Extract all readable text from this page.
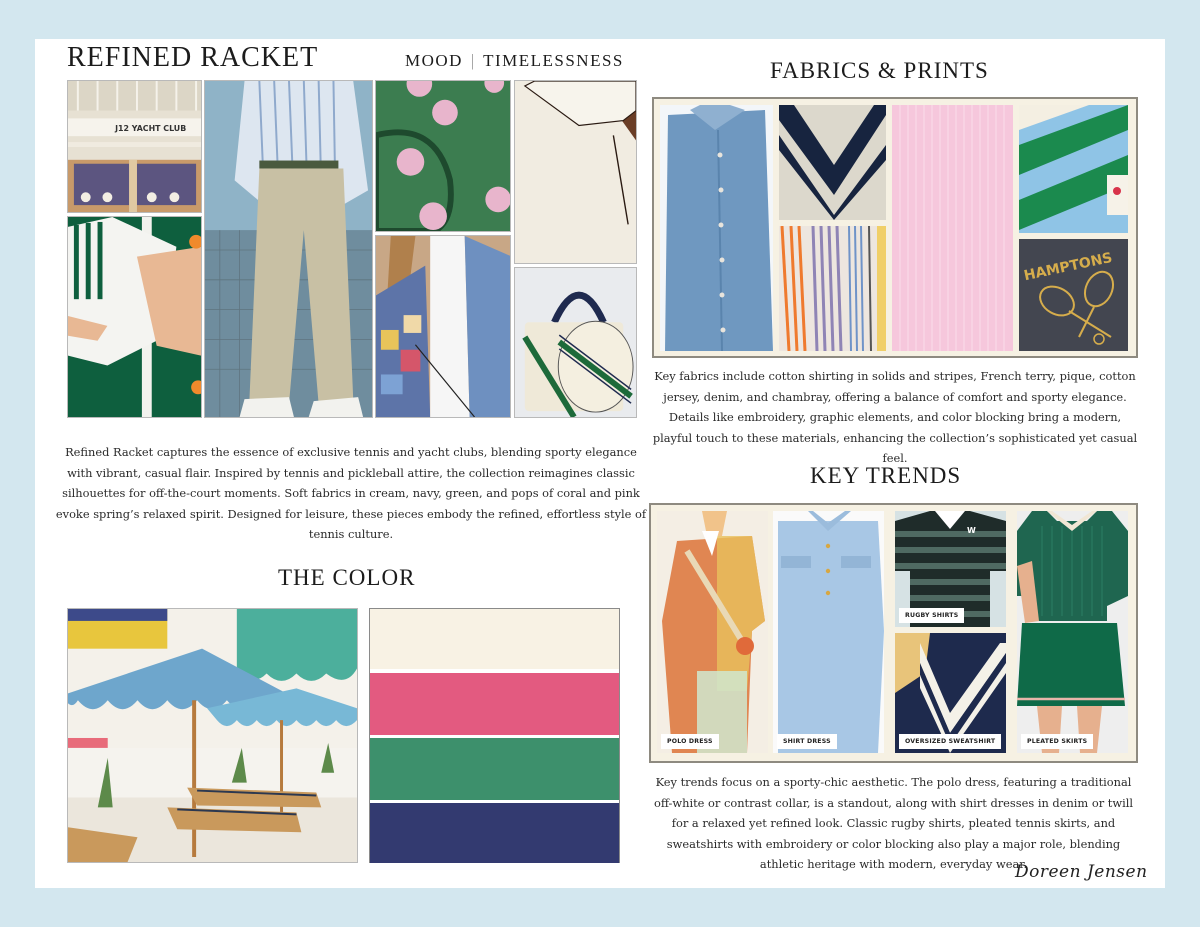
REFINED RACKET	MOOD | TIMELESSNESS
J12 YACHT CLUB
Refined Racket captures the essence of exclusive tennis and yacht clubs, blending sporty elegance with vibrant, casual flair. Inspired by tennis and pickleball attire, the collection reimagines classic silhouettes for off-the-court moments. Soft fabrics in cream, navy, green, and pops of coral and pink evoke spring’s relaxed spirit. Designed for leisure, these pieces embody the refined, effortless style of tennis culture.
THE COLOR
FABRICS & PRINTS
HAMPTONS
Key fabrics include cotton shirting in solids and stripes, French terry, pique, cotton jersey, denim, and chambray, offering a balance of comfort and sporty elegance. Details like embroidery, graphic elements, and color blocking bring a modern, playful touch to these materials, enhancing the collection’s sophisticated yet casual feel.
KEY TRENDS
POLO DRESS	SHIRT DRESS
W
RUGBY SHIRTS
OVERSIZED SWEATSHIRT	PLEATED SKIRTS
Key trends focus on a sporty-chic aesthetic. The polo dress, featuring a traditional off-white or contrast collar, is a standout, along with shirt dresses in denim or twill for a relaxed yet refined look. Classic rugby shirts, pleated tennis skirts, and sweatshirts with embroidery or color blocking also play a major role, blending athletic heritage with modern, everyday wear.
Doreen Jensen
